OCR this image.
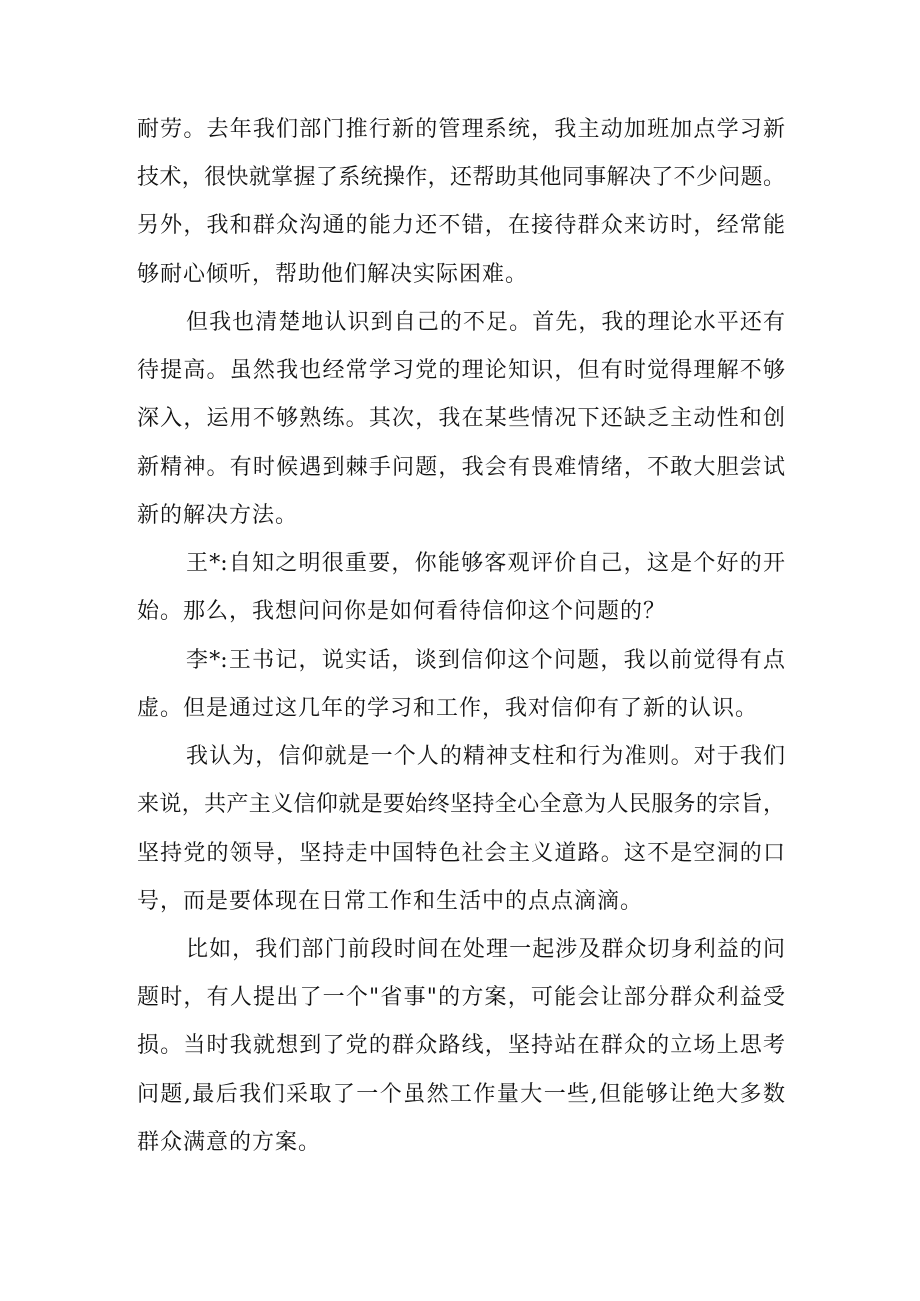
耐劳。去年我们部门推行新的管理系统，我主动加班加点学习新
技术，很快就掌握了系统操作，还帮助其他同事解决了不少问题。
另外，我和群众沟通的能力还不错，在接待群众来访时，经常能
够耐心倾听，帮助他们解决实际困难。
但我也清楚地认识到自己的不足。首先，我的理论水平还有
待提高。虽然我也经常学习党的理论知识，但有时觉得理解不够
深入，运用不够熟练。其次，我在某些情况下还缺乏主动性和创
新精神。有时候遇到棘手问题，我会有畏难情绪，不敢大胆尝试
新的解决方法。
王*:自知之明很重要，你能够客观评价自己，这是个好的开
始。那么，我想问问你是如何看待信仰这个问题的？
李*:王书记，说实话，谈到信仰这个问题，我以前觉得有点
虚。但是通过这几年的学习和工作，我对信仰有了新的认识。
我认为，信仰就是一个人的精神支柱和行为准则。对于我们
来说，共产主义信仰就是要始终坚持全心全意为人民服务的宗旨，
坚持党的领导，坚持走中国特色社会主义道路。这不是空洞的口
号，而是要体现在日常工作和生活中的点点滴滴。
比如，我们部门前段时间在处理一起涉及群众切身利益的问
题时，有人提出了一个"省事"的方案，可能会让部分群众利益受
损。当时我就想到了党的群众路线，坚持站在群众的立场上思考
问题,最后我们采取了一个虽然工作量大一些,但能够让绝大多数
群众满意的方案。
